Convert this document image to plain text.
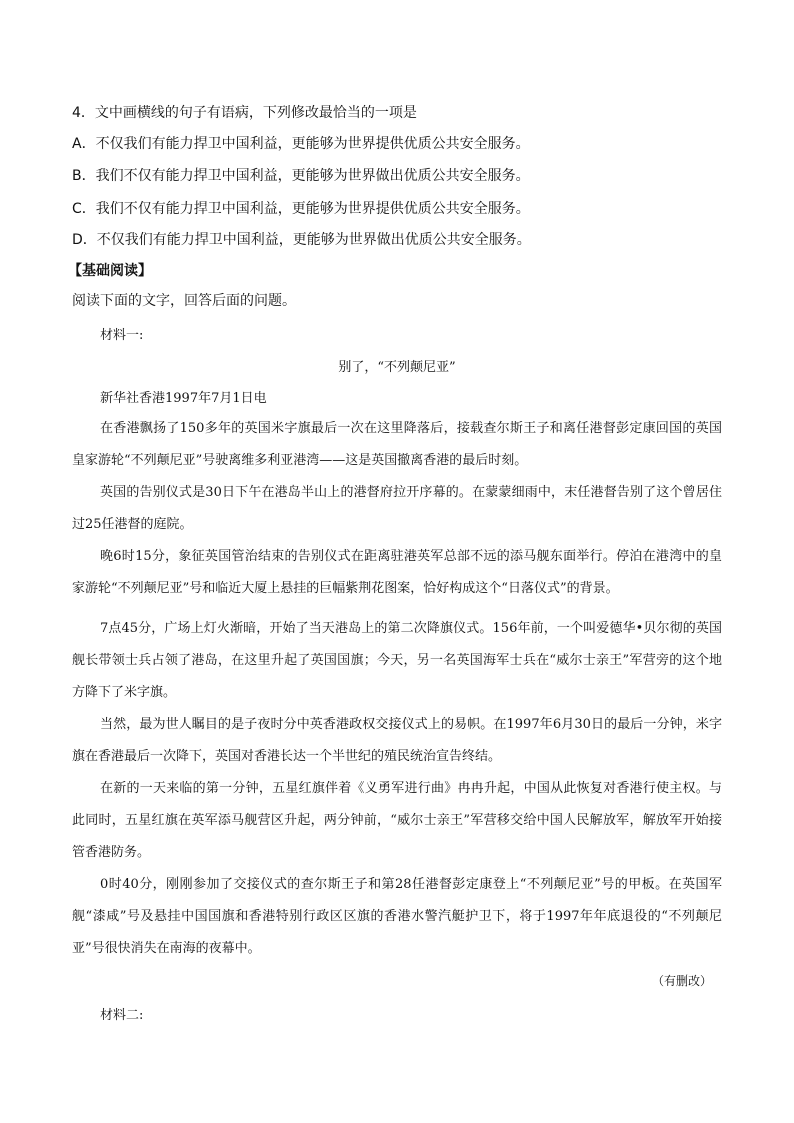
4．文中画横线的句子有语病，下列修改最恰当的一项是
A．不仅我们有能力捍卫中国利益，更能够为世界提供优质公共安全服务。
B．我们不仅有能力捍卫中国利益，更能够为世界做出优质公共安全服务。
C．我们不仅有能力捍卫中国利益，更能够为世界提供优质公共安全服务。
D．不仅我们有能力捍卫中国利益，更能够为世界做出优质公共安全服务。
【基础阅读】
阅读下面的文字，回答后面的问题。
材料一:
别了，“不列颠尼亚”
新华社香港1997年7月1日电
在香港飘扬了150多年的英国米字旗最后一次在这里降落后，接载查尔斯王子和离任港督彭定康回国的英国皇家游轮“不列颠尼亚”号驶离维多利亚港湾——这是英国撤离香港的最后时刻。
英国的告别仪式是30日下午在港岛半山上的港督府拉开序幕的。在蒙蒙细雨中，末任港督告别了这个曾居住过25任港督的庭院。
晚6时15分，象征英国管治结束的告别仪式在距离驻港英军总部不远的添马舰东面举行。停泊在港湾中的皇家游轮“不列颠尼亚”号和临近大厦上悬挂的巨幅紫荆花图案，恰好构成这个“日落仪式”的背景。
7点45分，广场上灯火渐暗，开始了当天港岛上的第二次降旗仪式。156年前，一个叫爱德华•贝尔彻的英国舰长带领士兵占领了港岛，在这里升起了英国国旗；今天，另一名英国海军士兵在“威尔士亲王”军营旁的这个地方降下了米字旗。
当然，最为世人瞩目的是子夜时分中英香港政权交接仪式上的易帜。在1997年6月30日的最后一分钟，米字旗在香港最后一次降下，英国对香港长达一个半世纪的殖民统治宣告终结。
在新的一天来临的第一分钟，五星红旗伴着《义勇军进行曲》冉冉升起，中国从此恢复对香港行使主权。与此同时，五星红旗在英军添马舰营区升起，两分钟前，“威尔士亲王”军营移交给中国人民解放军，解放军开始接管香港防务。
0时40分，刚刚参加了交接仪式的查尔斯王子和第28任港督彭定康登上“不列颠尼亚”号的甲板。在英国军舰“漆咸”号及悬挂中国国旗和香港特别行政区区旗的香港水警汽艇护卫下，将于1997年年底退役的“不列颠尼亚”号很快消失在南海的夜幕中。
（有删改）
材料二:
